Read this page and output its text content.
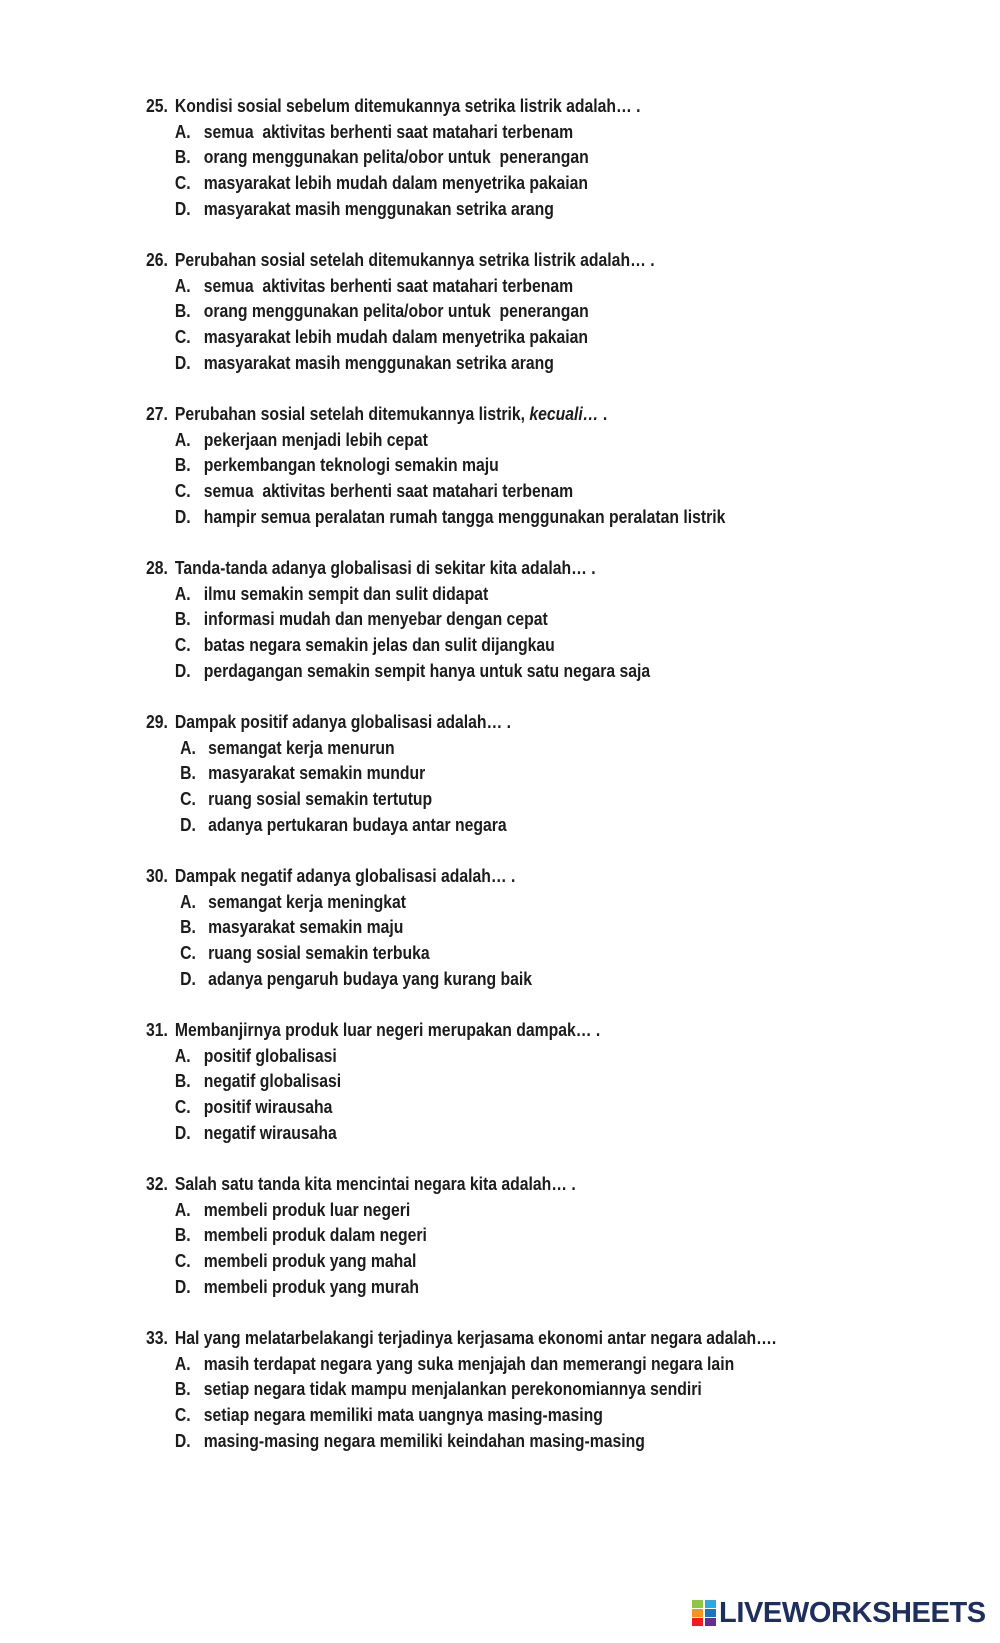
25. Kondisi sosial sebelum ditemukannya setrika listrik adalah… .
A. semua  aktivitas berhenti saat matahari terbenam
B. orang menggunakan pelita/obor untuk  penerangan
C. masyarakat lebih mudah dalam menyetrika pakaian
D. masyarakat masih menggunakan setrika arang
26. Perubahan sosial setelah ditemukannya setrika listrik adalah… .
A. semua  aktivitas berhenti saat matahari terbenam
B. orang menggunakan pelita/obor untuk  penerangan
C. masyarakat lebih mudah dalam menyetrika pakaian
D. masyarakat masih menggunakan setrika arang
27. Perubahan sosial setelah ditemukannya listrik, kecuali… .
A. pekerjaan menjadi lebih cepat
B. perkembangan teknologi semakin maju
C. semua  aktivitas berhenti saat matahari terbenam
D. hampir semua peralatan rumah tangga menggunakan peralatan listrik
28. Tanda-tanda adanya globalisasi di sekitar kita adalah… .
A. ilmu semakin sempit dan sulit didapat
B. informasi mudah dan menyebar dengan cepat
C. batas negara semakin jelas dan sulit dijangkau
D. perdagangan semakin sempit hanya untuk satu negara saja
29. Dampak positif adanya globalisasi adalah… .
A. semangat kerja menurun
B. masyarakat semakin mundur
C. ruang sosial semakin tertutup
D. adanya pertukaran budaya antar negara
30. Dampak negatif adanya globalisasi adalah… .
A. semangat kerja meningkat
B. masyarakat semakin maju
C. ruang sosial semakin terbuka
D. adanya pengaruh budaya yang kurang baik
31. Membanjirnya produk luar negeri merupakan dampak… .
A. positif globalisasi
B. negatif globalisasi
C. positif wirausaha
D. negatif wirausaha
32. Salah satu tanda kita mencintai negara kita adalah… .
A. membeli produk luar negeri
B. membeli produk dalam negeri
C. membeli produk yang mahal
D. membeli produk yang murah
33. Hal yang melatarbelakangi terjadinya kerjasama ekonomi antar negara adalah….
A. masih terdapat negara yang suka menjajah dan memerangi negara lain
B. setiap negara tidak mampu menjalankan perekonomiannya sendiri
C. setiap negara memiliki mata uangnya masing-masing
D. masing-masing negara memiliki keindahan masing-masing
LIVEWORKSHEETS
